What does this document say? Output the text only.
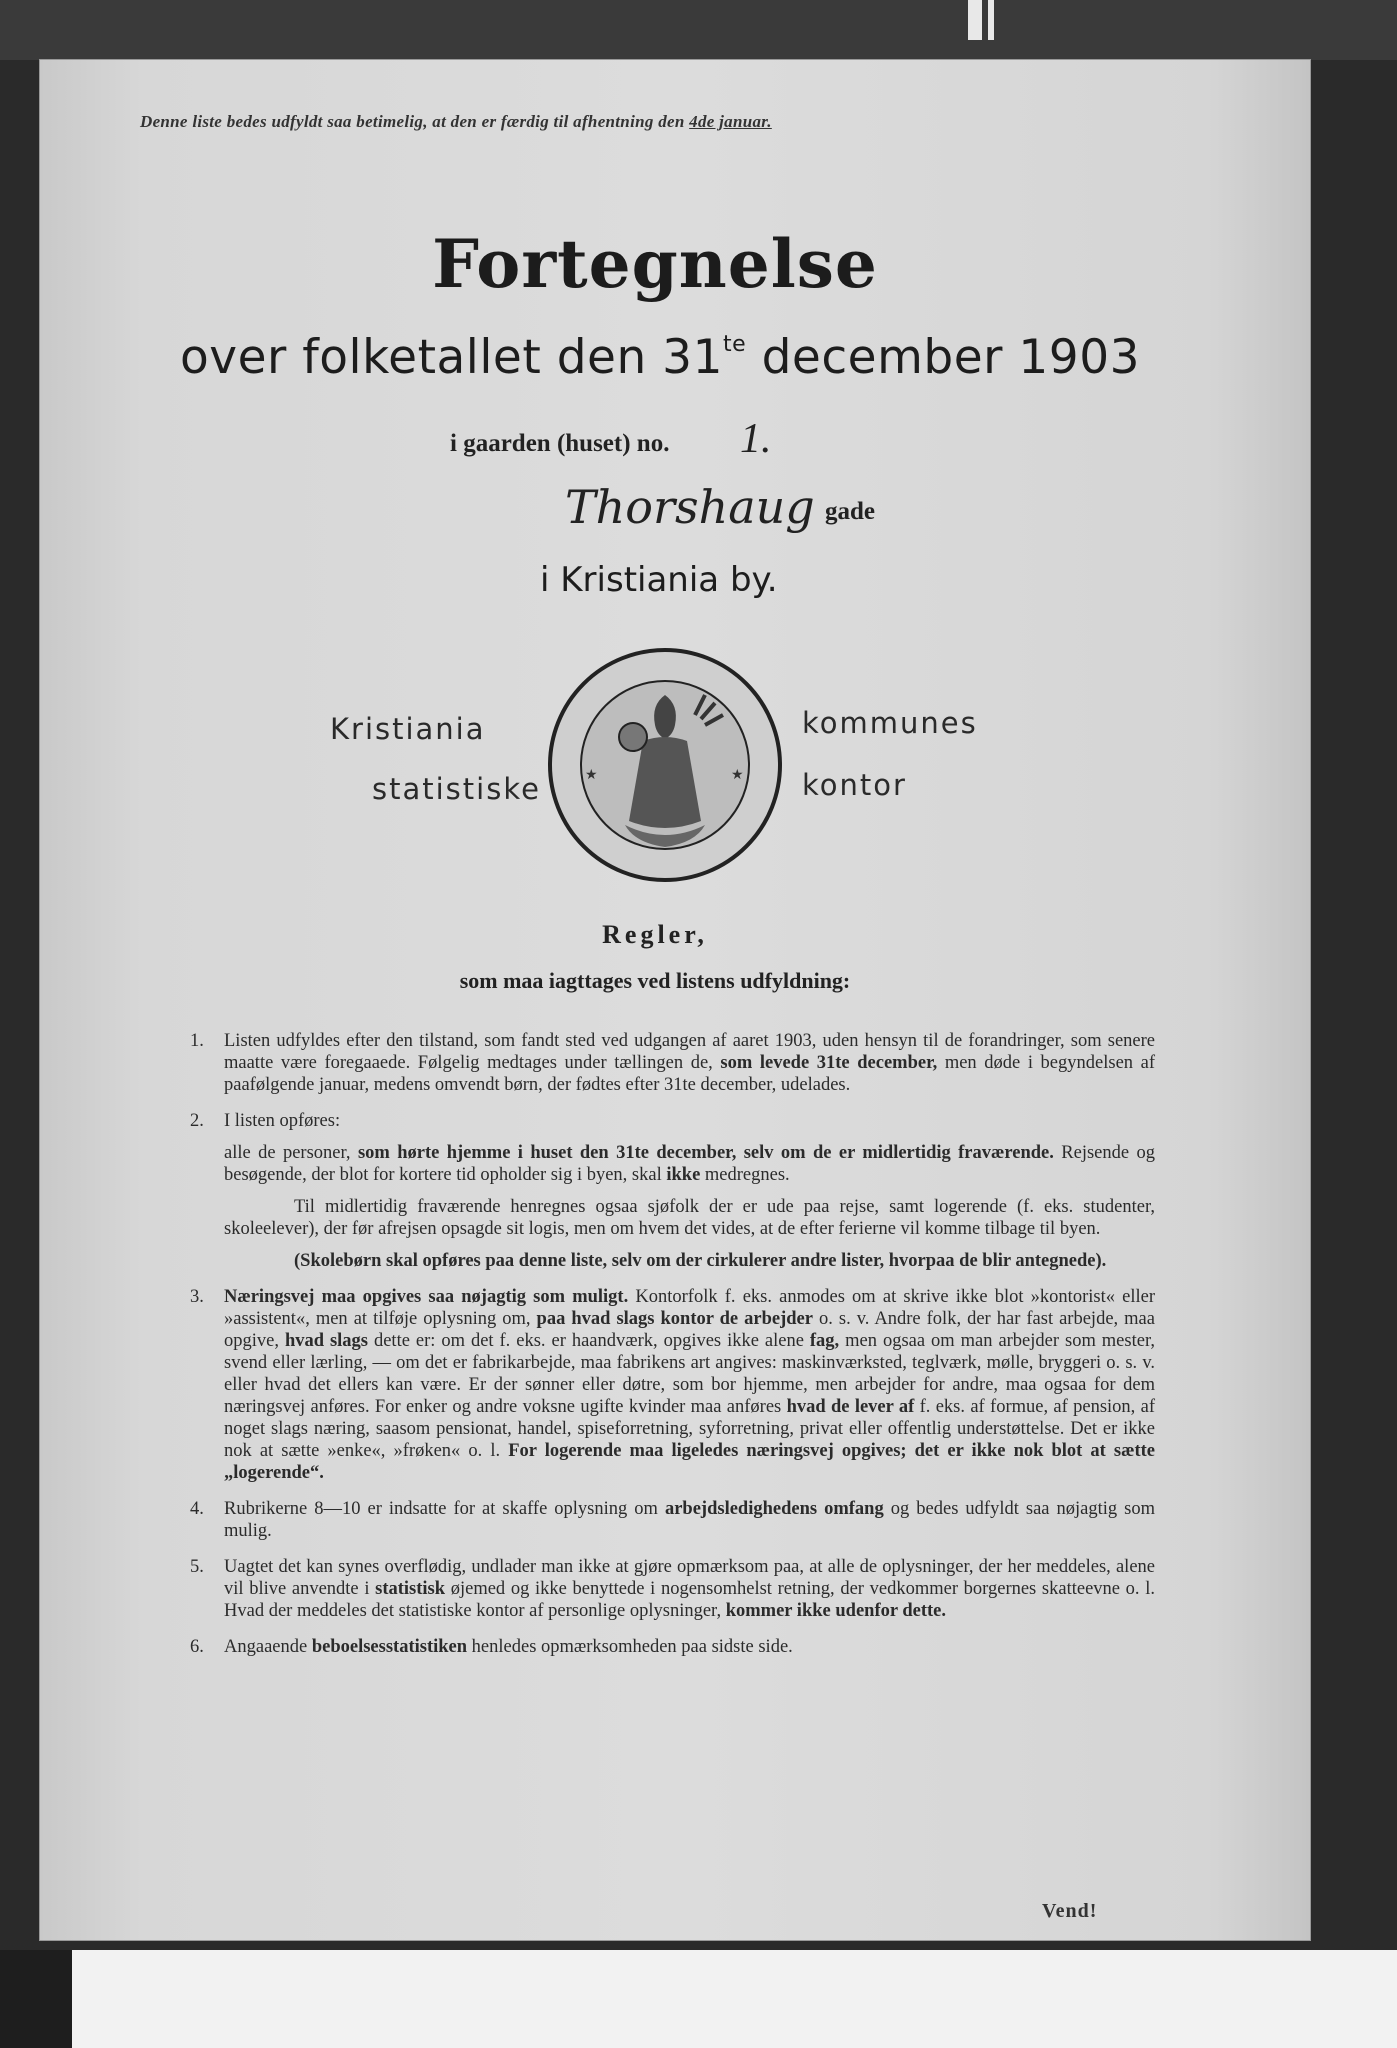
Denne liste bedes udfyldt saa betimelig, at den er færdig til afhentning den 4de januar.
Fortegnelse
over folketallet den $31^{te}$ december 1903
i gaarden (huset) no. 1.
Thorshaug gade
i Kristiania by.
Kristiania
statistiske
kommunes
kontor
★	★
Regler,
som maa iagttages ved listens udfyldning:
1. Listen udfyldes efter den tilstand, som fandt sted ved udgangen af aaret 1903, uden hensyn til de forandringer, som senere maatte være foregaaede. Følgelig medtages under tællingen de, som levede 31te december, men døde i begyndelsen af paafølgende januar, medens omvendt børn, der fødtes efter 31te december, udelades.

2. I listen opføres:

alle de personer, som hørte hjemme i huset den 31te december, selv om de er midlertidig fraværende. Rejsende og besøgende, der blot for kortere tid opholder sig i byen, skal ikke medregnes.

Til midlertidig fraværende henregnes ogsaa sjøfolk der er ude paa rejse, samt logerende (f. eks. studenter, skoleelever), der før afrejsen opsagde sit logis, men om hvem det vides, at de efter ferierne vil komme tilbage til byen.

(Skolebørn skal opføres paa denne liste, selv om der cirkulerer andre lister, hvorpaa de blir antegnede).

3. Næringsvej maa opgives saa nøjagtig som muligt. Kontorfolk f. eks. anmodes om at skrive ikke blot »kontorist« eller »assistent«, men at tilføje oplysning om, paa hvad slags kontor de arbejder o. s. v. Andre folk, der har fast arbejde, maa opgive, hvad slags dette er: om det f. eks. er haandværk, opgives ikke alene fag, men ogsaa om man arbejder som mester, svend eller lærling, — om det er fabrikarbejde, maa fabrikens art angives: maskinværksted, teglværk, mølle, bryggeri o. s. v. eller hvad det ellers kan være. Er der sønner eller døtre, som bor hjemme, men arbejder for andre, maa ogsaa for dem næringsvej anføres. For enker og andre voksne ugifte kvinder maa anføres hvad de lever af f. eks. af formue, af pension, af noget slags næring, saasom pensionat, handel, spiseforretning, syforretning, privat eller offentlig understøttelse. Det er ikke nok at sætte »enke«, »frøken« o. l. For logerende maa ligeledes næringsvej opgives; det er ikke nok blot at sætte „logerende“.

4. Rubrikerne 8—10 er indsatte for at skaffe oplysning om arbejdsledighedens omfang og bedes udfyldt saa nøjagtig som mulig.

5. Uagtet det kan synes overflødig, undlader man ikke at gjøre opmærksom paa, at alle de oplysninger, der her meddeles, alene vil blive anvendte i statistisk øjemed og ikke benyttede i nogensomhelst retning, der vedkommer borgernes skatteevne o. l. Hvad der meddeles det statistiske kontor af personlige oplysninger, kommer ikke udenfor dette.

6. Angaaende beboelsesstatistiken henledes opmærksomheden paa sidste side.

Vend!
